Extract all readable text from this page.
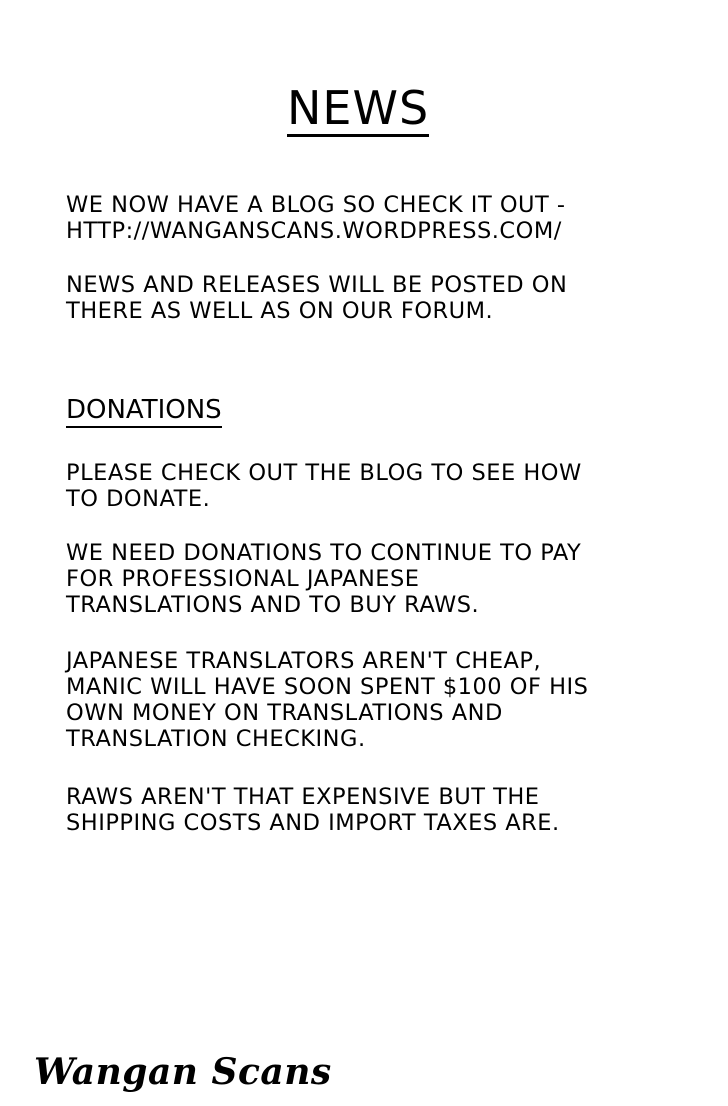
NEWS

WE NOW HAVE A BLOG SO CHECK IT OUT -
HTTP://WANGANSCANS.WORDPRESS.COM/

NEWS AND RELEASES WILL BE POSTED ON
THERE AS WELL AS ON OUR FORUM.

DONATIONS

PLEASE CHECK OUT THE BLOG TO SEE HOW
TO DONATE.

WE NEED DONATIONS TO CONTINUE TO PAY
FOR PROFESSIONAL JAPANESE
TRANSLATIONS AND TO BUY RAWS.

JAPANESE TRANSLATORS AREN'T CHEAP,
MANIC WILL HAVE SOON SPENT $100 OF HIS
OWN MONEY ON TRANSLATIONS AND
TRANSLATION CHECKING.

RAWS AREN'T THAT EXPENSIVE BUT THE
SHIPPING COSTS AND IMPORT TAXES ARE.

Wangan Scans
